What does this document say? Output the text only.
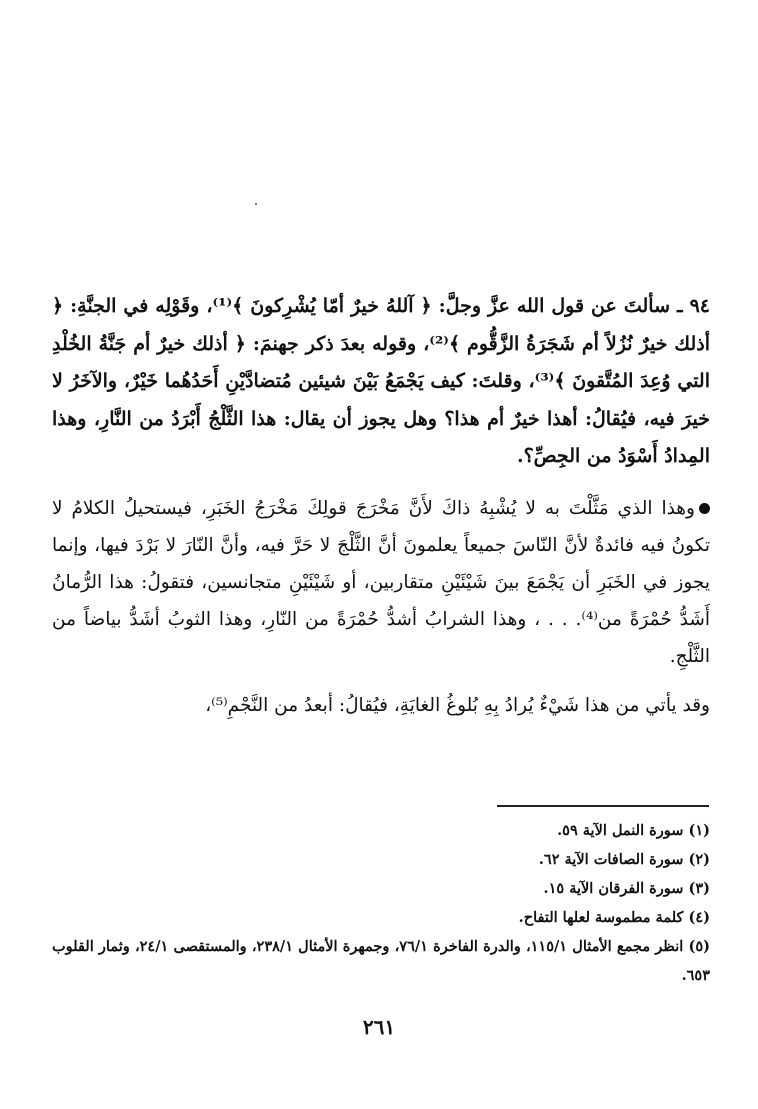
٩٤ ـ سألتَ عن قول الله عزَّ وجلَّ: ﴿ آللهُ خيرٌ أمّا يُشْرِكونَ ﴾⁽¹⁾، وقَوْلِه في الجنَّةِ: ﴿ أذلك خيرٌ نُزُلاً أم شَجَرَةُ الزَّقُّوم ﴾⁽²⁾، وقوله بعدَ ذكر جهنمَ: ﴿ أذلك خيرٌ أم جَنَّةُ الخُلْدِ التي وُعِدَ المُتَّقونَ ﴾⁽³⁾، وقلتَ: كيف يَجْمَعُ بَيْنَ شيئين مُتضادَّيْنِ أَحَدُهُما خَيْرٌ، والآخَرُ لا خيرَ فيه، فيُقالُ: أهذا خيرٌ أم هذا؟ وهل يجوز أن يقال: هذا الثَّلْجُ أَبْرَدُ من النَّارِ، وهذا المِدادُ أَسْوَدُ من الجِصِّ؟.

وهذا الذي مَثَّلْتَ به لا يُشْبِهُ ذاكَ لأَنَّ مَخْرَجَ قولِكَ مَخْرَجُ الخَبَرِ، فيستحيلُ الكلامُ لا تكونُ فيه فائدةٌ لأنَّ النّاسَ جميعاً يعلمونَ أنَّ الثَّلْجَ لا حَرَّ فيه، وأنَّ النّارَ لا بَرْدَ فيها، وإنما يجوز في الخَبَرِ أن يَجْمَعَ بينَ شَيْئَيْنِ متقاربين، أو شَيْئَيْنِ متجانسين، فتقولُ: هذا الرُّمانُ أَشَدُّ حُمْرَةً من⁽⁴⁾. . . ، وهذا الشرابُ أشدُّ حُمْرَةً من النّارِ، وهذا الثوبُ أشَدُّ بياضاً من الثَّلْجِ.

وقد يأتي من هذا شَيْءٌ يُرادُ بِهِ بُلوغُ الغايَةِ، فيُقالُ: أبعدُ من النَّجْمِ⁽⁵⁾،

(١) سورة النمل الآية ٥٩.

(٢) سورة الصافات الآية ٦٢.

(٣) سورة الفرقان الآية ١٥.

(٤) كلمة مطموسة لعلها التفاح.

(٥) انظر مجمع الأمثال ١١٥/١، والدرة الفاخرة ٧٦/١، وجمهرة الأمثال ٢٣٨/١، والمستقصى ٢٤/١، وثمار القلوب ٦٥٣.

٢٦١
